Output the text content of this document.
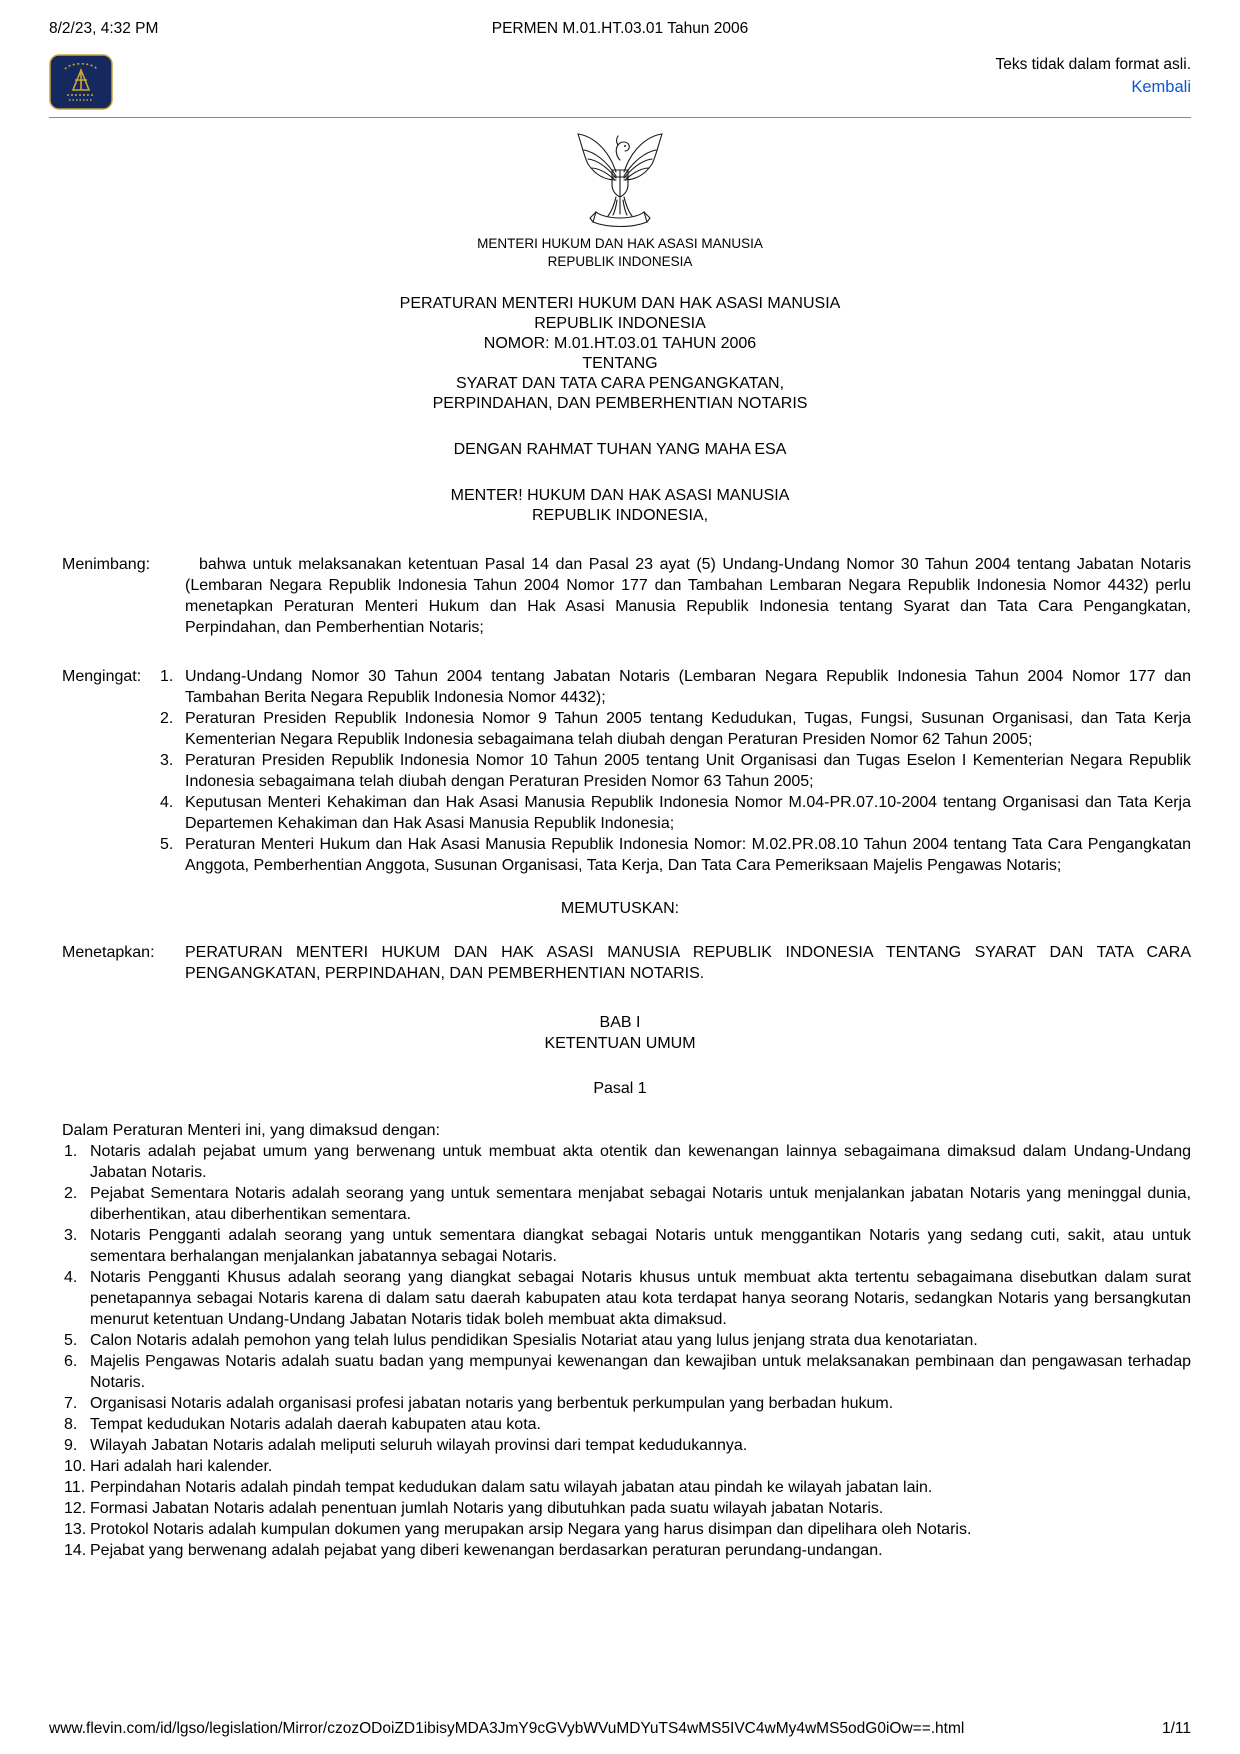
8/2/23, 4:32 PM	PERMEN M.01.HT.03.01 Tahun 2006
Teks tidak dalam format asli.
Kembali
MENTERI HUKUM DAN HAK ASASI MANUSIA
REPUBLIK INDONESIA
PERATURAN MENTERI HUKUM DAN HAK ASASI MANUSIA
REPUBLIK INDONESIA
NOMOR: M.01.HT.03.01 TAHUN 2006
TENTANG
SYARAT DAN TATA CARA PENGANGKATAN,
PERPINDAHAN, DAN PEMBERHENTIAN NOTARIS
DENGAN RAHMAT TUHAN YANG MAHA ESA
MENTER! HUKUM DAN HAK ASASI MANUSIA
REPUBLIK INDONESIA,
Menimbang:	bahwa untuk melaksanakan ketentuan Pasal 14 dan Pasal 23 ayat (5) Undang-Undang Nomor 30 Tahun 2004 tentang Jabatan Notaris (Lembaran Negara Republik Indonesia Tahun 2004 Nomor 177 dan Tambahan Lembaran Negara Republik Indonesia Nomor 4432) perlu menetapkan Peraturan Menteri Hukum dan Hak Asasi Manusia Republik Indonesia tentang Syarat dan Tata Cara Pengangkatan, Perpindahan, dan Pemberhentian Notaris;
Mengingat:	1. Undang-Undang Nomor 30 Tahun 2004 tentang Jabatan Notaris (Lembaran Negara Republik Indonesia Tahun 2004 Nomor 177 dan Tambahan Berita Negara Republik Indonesia Nomor 4432);
2. Peraturan Presiden Republik Indonesia Nomor 9 Tahun 2005 tentang Kedudukan, Tugas, Fungsi, Susunan Organisasi, dan Tata Kerja Kementerian Negara Republik Indonesia sebagaimana telah diubah dengan Peraturan Presiden Nomor 62 Tahun 2005;
3. Peraturan Presiden Republik Indonesia Nomor 10 Tahun 2005 tentang Unit Organisasi dan Tugas Eselon I Kementerian Negara Republik Indonesia sebagaimana telah diubah dengan Peraturan Presiden Nomor 63 Tahun 2005;
4. Keputusan Menteri Kehakiman dan Hak Asasi Manusia Republik Indonesia Nomor M.04-PR.07.10-2004 tentang Organisasi dan Tata Kerja Departemen Kehakiman dan Hak Asasi Manusia Republik Indonesia;
5. Peraturan Menteri Hukum dan Hak Asasi Manusia Republik Indonesia Nomor: M.02.PR.08.10 Tahun 2004 tentang Tata Cara Pengangkatan Anggota, Pemberhentian Anggota, Susunan Organisasi, Tata Kerja, Dan Tata Cara Pemeriksaan Majelis Pengawas Notaris;
MEMUTUSKAN:
Menetapkan:	PERATURAN MENTERI HUKUM DAN HAK ASASI MANUSIA REPUBLIK INDONESIA TENTANG SYARAT DAN TATA CARA PENGANGKATAN, PERPINDAHAN, DAN PEMBERHENTIAN NOTARIS.
BAB I
KETENTUAN UMUM
Pasal 1
Dalam Peraturan Menteri ini, yang dimaksud dengan:
1. Notaris adalah pejabat umum yang berwenang untuk membuat akta otentik dan kewenangan lainnya sebagaimana dimaksud dalam Undang-Undang Jabatan Notaris.
2. Pejabat Sementara Notaris adalah seorang yang untuk sementara menjabat sebagai Notaris untuk menjalankan jabatan Notaris yang meninggal dunia, diberhentikan, atau diberhentikan sementara.
3. Notaris Pengganti adalah seorang yang untuk sementara diangkat sebagai Notaris untuk menggantikan Notaris yang sedang cuti, sakit, atau untuk sementara berhalangan menjalankan jabatannya sebagai Notaris.
4. Notaris Pengganti Khusus adalah seorang yang diangkat sebagai Notaris khusus untuk membuat akta tertentu sebagaimana disebutkan dalam surat penetapannya sebagai Notaris karena di dalam satu daerah kabupaten atau kota terdapat hanya seorang Notaris, sedangkan Notaris yang bersangkutan menurut ketentuan Undang-Undang Jabatan Notaris tidak boleh membuat akta dimaksud.
5. Calon Notaris adalah pemohon yang telah lulus pendidikan Spesialis Notariat atau yang lulus jenjang strata dua kenotariatan.
6. Majelis Pengawas Notaris adalah suatu badan yang mempunyai kewenangan dan kewajiban untuk melaksanakan pembinaan dan pengawasan terhadap Notaris.
7. Organisasi Notaris adalah organisasi profesi jabatan notaris yang berbentuk perkumpulan yang berbadan hukum.
8. Tempat kedudukan Notaris adalah daerah kabupaten atau kota.
9. Wilayah Jabatan Notaris adalah meliputi seluruh wilayah provinsi dari tempat kedudukannya.
10. Hari adalah hari kalender.
11. Perpindahan Notaris adalah pindah tempat kedudukan dalam satu wilayah jabatan atau pindah ke wilayah jabatan lain.
12. Formasi Jabatan Notaris adalah penentuan jumlah Notaris yang dibutuhkan pada suatu wilayah jabatan Notaris.
13. Protokol Notaris adalah kumpulan dokumen yang merupakan arsip Negara yang harus disimpan dan dipelihara oleh Notaris.
14. Pejabat yang berwenang adalah pejabat yang diberi kewenangan berdasarkan peraturan perundang-undangan.
www.flevin.com/id/lgso/legislation/Mirror/czozODoiZD1ibisyMDA3JmY9cGVybWVuMDYuTS4wMS5IVC4wMy4wMS5odG0iOw==.html	1/11
